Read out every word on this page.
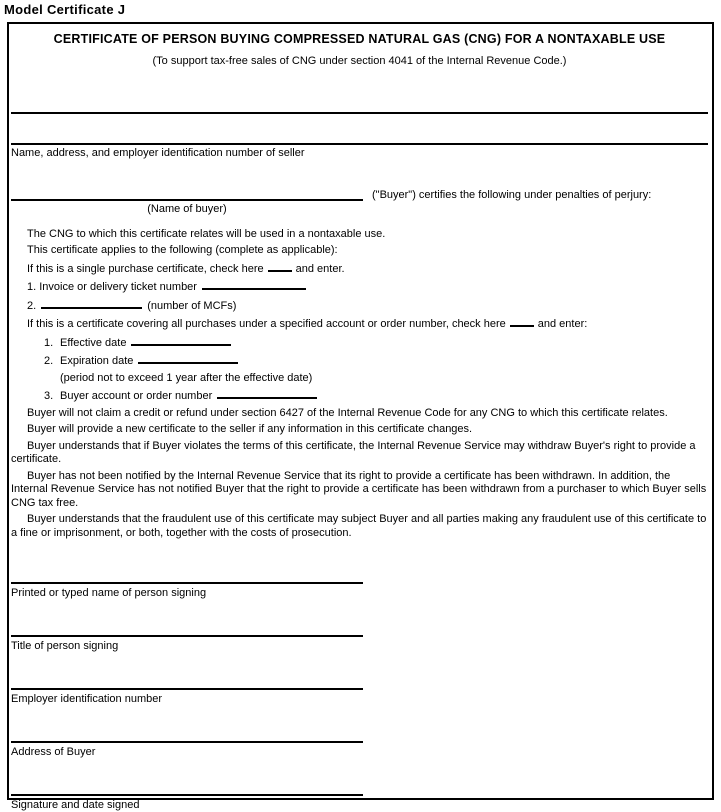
Model Certificate J
CERTIFICATE OF PERSON BUYING COMPRESSED NATURAL GAS (CNG) FOR A NONTAXABLE USE
(To support tax-free sales of CNG under section 4041 of the Internal Revenue Code.)
Name, address, and employer identification number of seller
(Name of buyer)
("Buyer") certifies the following under penalties of perjury:
The CNG to which this certificate relates will be used in a nontaxable use.
This certificate applies to the following (complete as applicable):
If this is a single purchase certificate, check here	and enter.
1. Invoice or delivery ticket number
2.	(number of MCFs)
If this is a certificate covering all purchases under a specified account or order number, check here	and enter:
1. Effective date
2. Expiration date
(period not to exceed 1 year after the effective date)
3. Buyer account or order number
Buyer will not claim a credit or refund under section 6427 of the Internal Revenue Code for any CNG to which this certificate relates.
Buyer will provide a new certificate to the seller if any information in this certificate changes.
Buyer understands that if Buyer violates the terms of this certificate, the Internal Revenue Service may withdraw Buyer's right to provide a certificate.
Buyer has not been notified by the Internal Revenue Service that its right to provide a certificate has been withdrawn. In addition, the Internal Revenue Service has not notified Buyer that the right to provide a certificate has been withdrawn from a purchaser to which Buyer sells CNG tax free.
Buyer understands that the fraudulent use of this certificate may subject Buyer and all parties making any fraudulent use of this certificate to a fine or imprisonment, or both, together with the costs of prosecution.
Printed or typed name of person signing
Title of person signing
Employer identification number
Address of Buyer
Signature and date signed
